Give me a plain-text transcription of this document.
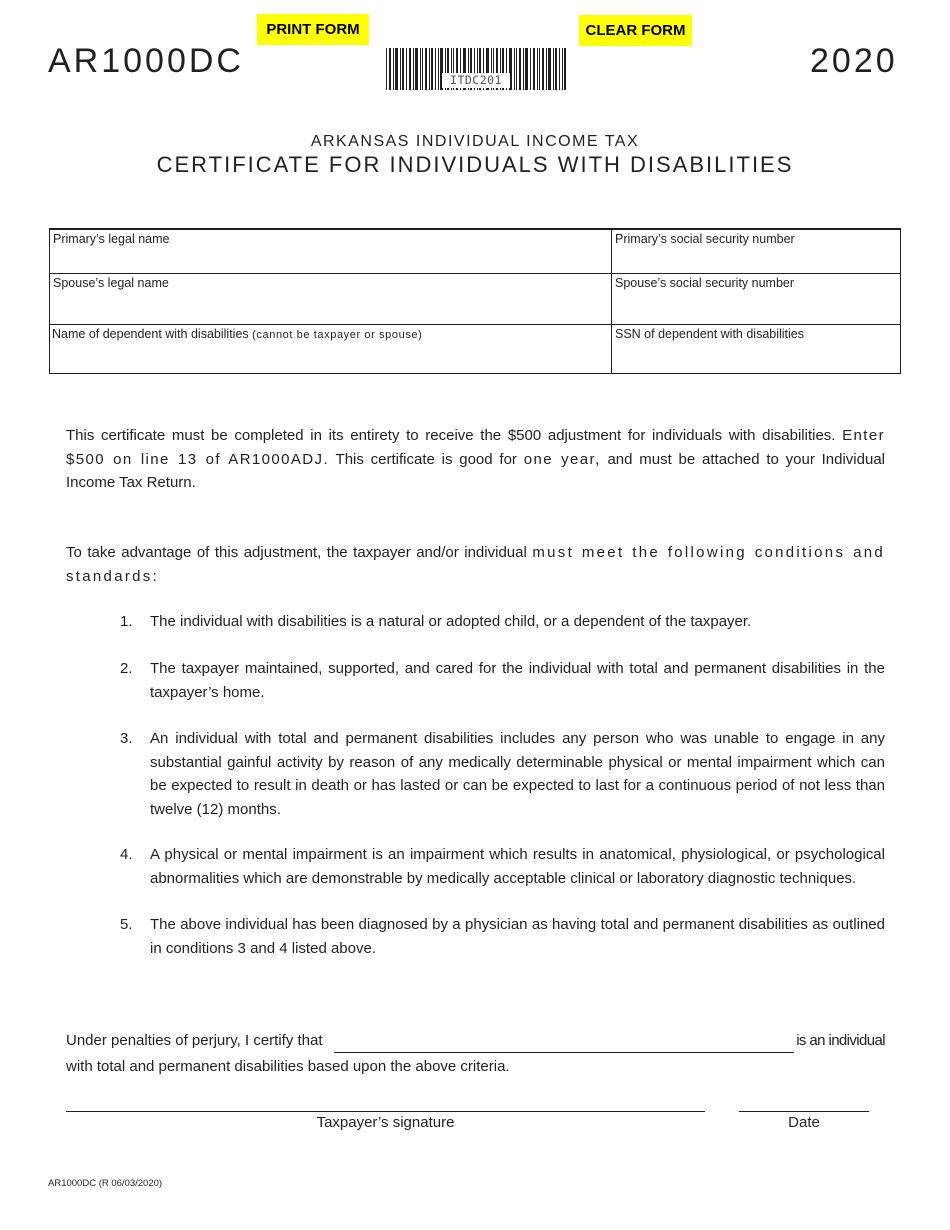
AR1000DC
PRINT FORM	CLEAR FORM
ITDC201	2020
ARKANSAS INDIVIDUAL INCOME TAX
CERTIFICATE FOR INDIVIDUALS WITH DISABILITIES
Primary’s legal name	Primary’s social security number
Spouse’s legal name	Spouse’s social security number
Name of dependent with disabilities (cannot be taxpayer or spouse)	SSN of dependent with disabilities
This certificate must be completed in its entirety to receive the $500 adjustment for individuals with disabilities. Enter $500 on line 13 of AR1000ADJ. This certificate is good for one year, and must be attached to your Individual Income Tax Return.
To take advantage of this adjustment, the taxpayer and/or individual must meet the following conditions and standards:
1. The individual with disabilities is a natural or adopted child, or a dependent of the taxpayer.
2. The taxpayer maintained, supported, and cared for the individual with total and permanent disabilities in the taxpayer’s home.
3. An individual with total and permanent disabilities includes any person who was unable to engage in any substantial gainful activity by reason of any medically determinable physical or mental impairment which can be expected to result in death or has lasted or can be expected to last for a continuous period of not less than twelve (12) months.
4. A physical or mental impairment is an impairment which results in anatomical, physiological, or psychological abnormalities which are demonstrable by medically acceptable clinical or laboratory diagnostic techniques.
5. The above individual has been diagnosed by a physician as having total and permanent disabilities as outlined in conditions 3 and 4 listed above.
Under penalties of perjury, I certify that	is an individual
with total and permanent disabilities based upon the above criteria.
Taxpayer’s signature	Date
AR1000DC (R 06/03/2020)
